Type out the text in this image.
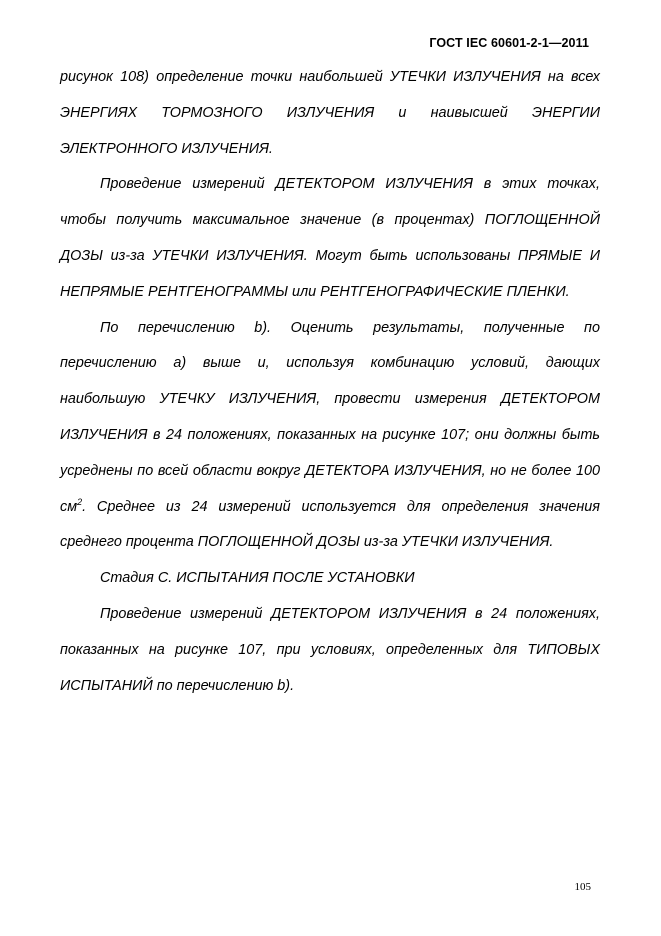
ГОСТ IEC 60601-2-1—2011

рисунок 108) определение точки наибольшей УТЕЧКИ ИЗЛУЧЕНИЯ на всех ЭНЕРГИЯХ ТОРМОЗНОГО ИЗЛУЧЕНИЯ и наивысшей ЭНЕРГИИ ЭЛЕКТРОННОГО ИЗЛУЧЕНИЯ.

Проведение измерений ДЕТЕКТОРОМ ИЗЛУЧЕНИЯ в этих точках, чтобы получить максимальное значение (в процентах) ПОГЛОЩЕННОЙ ДОЗЫ из-за УТЕЧКИ ИЗЛУЧЕНИЯ. Могут быть использованы ПРЯМЫЕ И НЕПРЯМЫЕ РЕНТГЕНОГРАММЫ или РЕНТГЕНОГРАФИЧЕСКИЕ ПЛЕНКИ.

По перечислению b). Оценить результаты, полученные по перечислению а) выше и, используя комбинацию условий, дающих наибольшую УТЕЧКУ ИЗЛУЧЕНИЯ, провести измерения ДЕТЕКТОРОМ ИЗЛУЧЕНИЯ в 24 положениях, показанных на рисунке 107; они должны быть усреднены по всей области вокруг ДЕТЕКТОРА ИЗЛУЧЕНИЯ, но не более 100 $см^2$. Среднее из 24 измерений используется для определения значения среднего процента ПОГЛОЩЕННОЙ ДОЗЫ из-за УТЕЧКИ ИЗЛУЧЕНИЯ.

Стадия С. ИСПЫТАНИЯ ПОСЛЕ УСТАНОВКИ

Проведение измерений ДЕТЕКТОРОМ ИЗЛУЧЕНИЯ в 24 положениях, показанных на рисунке 107, при условиях, определенных для ТИПОВЫХ ИСПЫТАНИЙ по перечислению b).

105
